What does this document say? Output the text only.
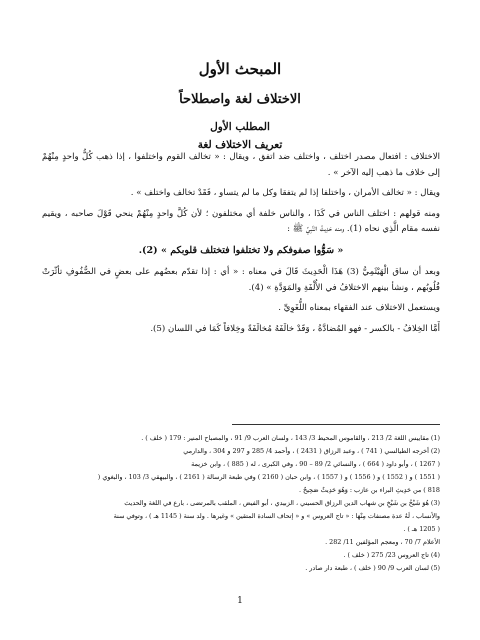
المبحث الأول
الاختلاف لغة واصطلاحاً
المطلب الأول
تعريف الاختلاف لغة

الاختلاف : افتعال مصدر اختلف ، واختلف ضد اتفق ، ويقال : « تخالف القوم واختلفوا ، إذا ذهب كُلُّ واحدٍ مِنْهُمْ إلى خلاف ما ذهب إليه الآخر » .

ويقال : « تخالف الأمران ، واختلفا إذا لم يتفقا وكل ما لم يتساو ، فَقَدْ تخالف واختلف » .

ومنه قولهم : اختلف الناس في كَذَا ، والناس خلفة أي مختلفون ؛ لأن كُلَّ واحدٍ مِنْهُمْ ينحي قَوْلَ صاحبه ، ويقيم نفسه مقام الَّذِي نحاه (1). ومنه حَدِيثُ النَّبِيِّ ﷺ :

« سَوُّوا صفوفكم ولا تختلفوا فتختلف قلوبكم » (2).

وبعد أن ساق الْهَيْثَمِيُّ (3) هَذَا الْحَدِيثَ قَالَ في معناه : « أي : إذا تقدّم بعضُهم على بعضٍ في الصُّفُوفِ تأثّرَتْ قُلُوبُهم ، ونشأ بينهم الاختلافُ في الأُلْفَةِ والمَوَدَّةِ » (4).

ويستعمل الاختلاف عند الفقهاء بمعناه اللُّغَوِيِّ .

أَمَّا الخِلافُ - بالكسر - فهو المُضادَّةُ ، وَقَدْ خالَفَهُ مُخالَفَةً وخِلافاً كَمَا في اللسان (5).

(1) مقاييس اللغة 2/ 213 ، والقاموس المحيط 3/ 143 ، ولسان العرب 9/ 91 ، والمصباح المنير : 179 ( خلف ) .
(2) أخرجه الطيالسي ( 741 ) ، وعبد الرزاق ( 2431 ) ، وأحمد 4/ 285 و 297 و 304 ، والدارمي
( 1267 ) ، وأبو داود ( 664 ) ، والنسائي 2/ 89 – 90 ، وفي الكبرى ، له ( 885 ) ، وابن خزيمة
( 1551 ) و ( 1552 ) و ( 1556 ) و ( 1557 ) ، وابن حبان ( 2160 ) وفي طبعة الرسالة ( 2161 ) ، والبيهقي 3/ 103 ، والبغوي (
818 ) من حَدِيثِ البراء بن عازب : وَهُوَ حَدِيثٌ صَحِيحٌ .
(3) هُوَ شَيْخُ بن شَيْخِ بن شهاب الدين الرزاق الحسيني ، الزبيدي ، أبو الفيض ، الملقب بالمرتضى ، بارع في اللغة والحديث
والأنساب ، لَهُ عدة مصنفات مِنْهَا : « تاج العروس » و « إتحاف السادة المتقين » وغيرها . ولد سنة ( 1145 هـ ) ، وتوفي سنة
( 1205 هـ ) .
الأعلام 7/ 70 ، ومعجم المؤلفين 11/ 282 .
(4) تاج العروس 23/ 275 ( خلف ) .
(5) لسان العرب 9/ 90 ( خلف ) ، طبعة دار صادر .
1
